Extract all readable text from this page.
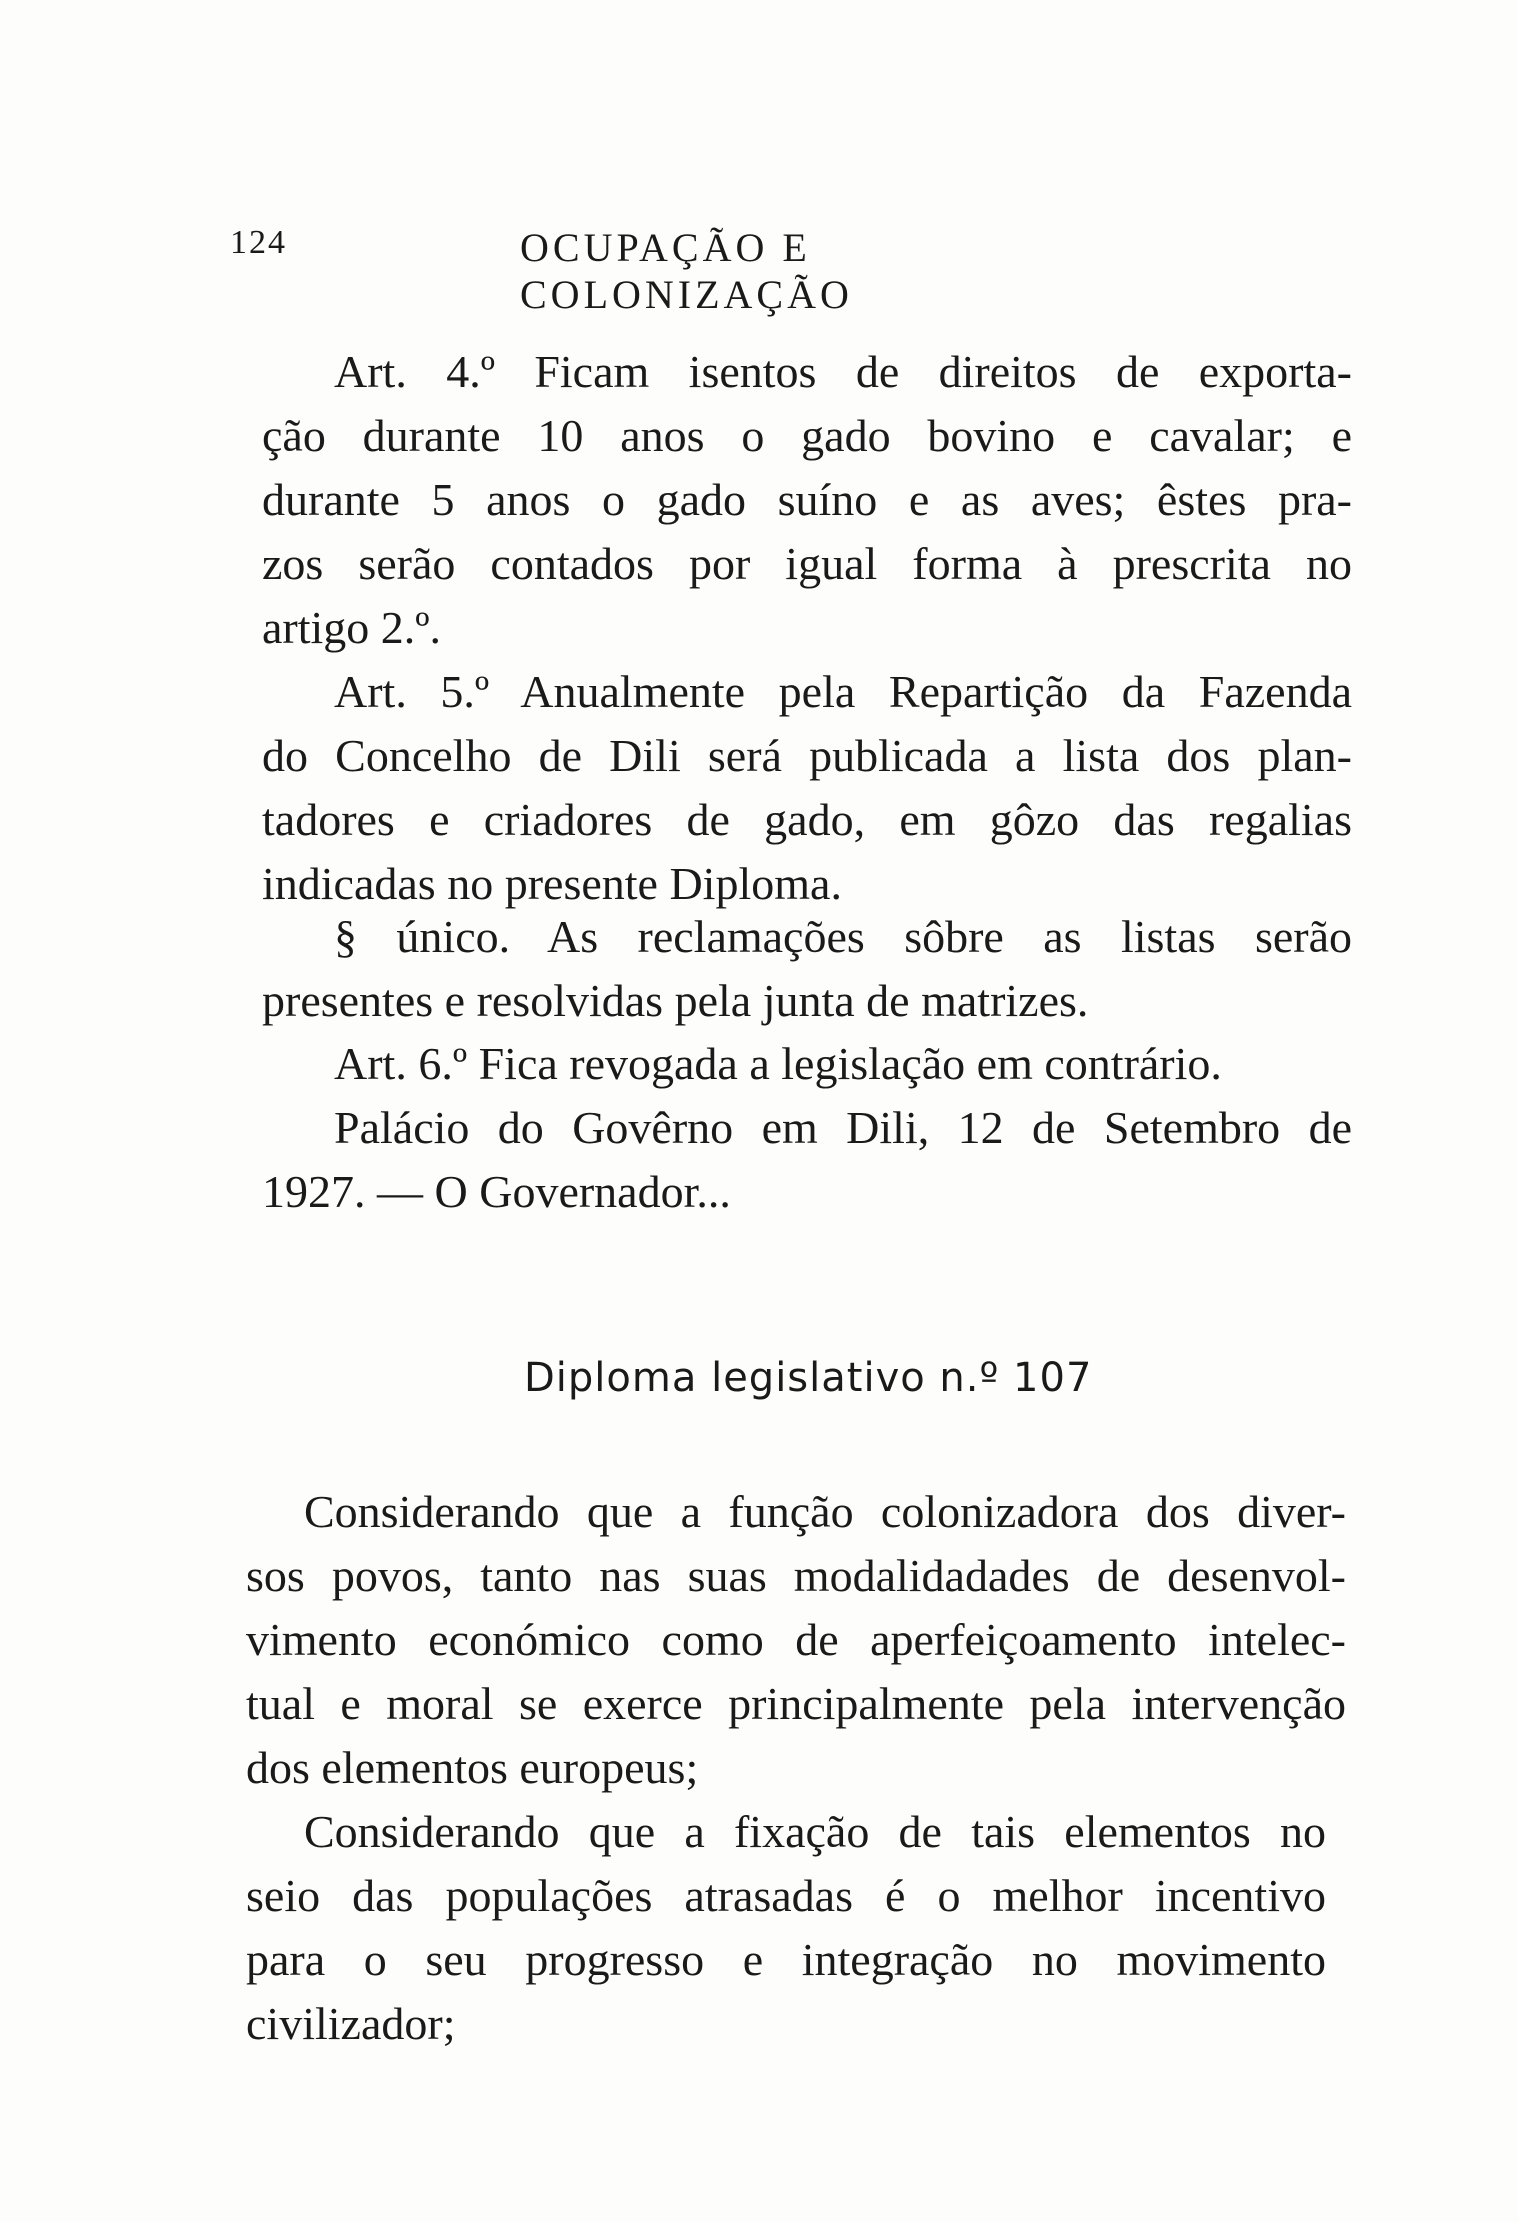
124	OCUPAÇÃO E COLONIZAÇÃO
Art. 4.º Ficam isentos de direitos de exporta-
ção durante 10 anos o gado bovino e cavalar; e
durante 5 anos o gado suíno e as aves; êstes pra-
zos serão contados por igual forma à prescrita no
artigo 2.º.
Art. 5.º Anualmente pela Repartição da Fazenda
do Concelho de Dili será publicada a lista dos plan-
tadores e criadores de gado, em gôzo das regalias
indicadas no presente Diploma.
§ único. As reclamações sôbre as listas serão
presentes e resolvidas pela junta de matrizes.
Art. 6.º Fica revogada a legislação em contrário.
Palácio do Govêrno em Dili, 12 de Setembro de
1927. — O Governador...
Diploma legislativo n.º 107
Considerando que a função colonizadora dos diver-
sos povos, tanto nas suas modalidadades de desenvol-
vimento económico como de aperfeiçoamento intelec-
tual e moral se exerce principalmente pela intervenção
dos elementos europeus;
Considerando que a fixação de tais elementos no
seio das populações atrasadas é o melhor incentivo
para o seu progresso e integração no movimento
civilizador;
